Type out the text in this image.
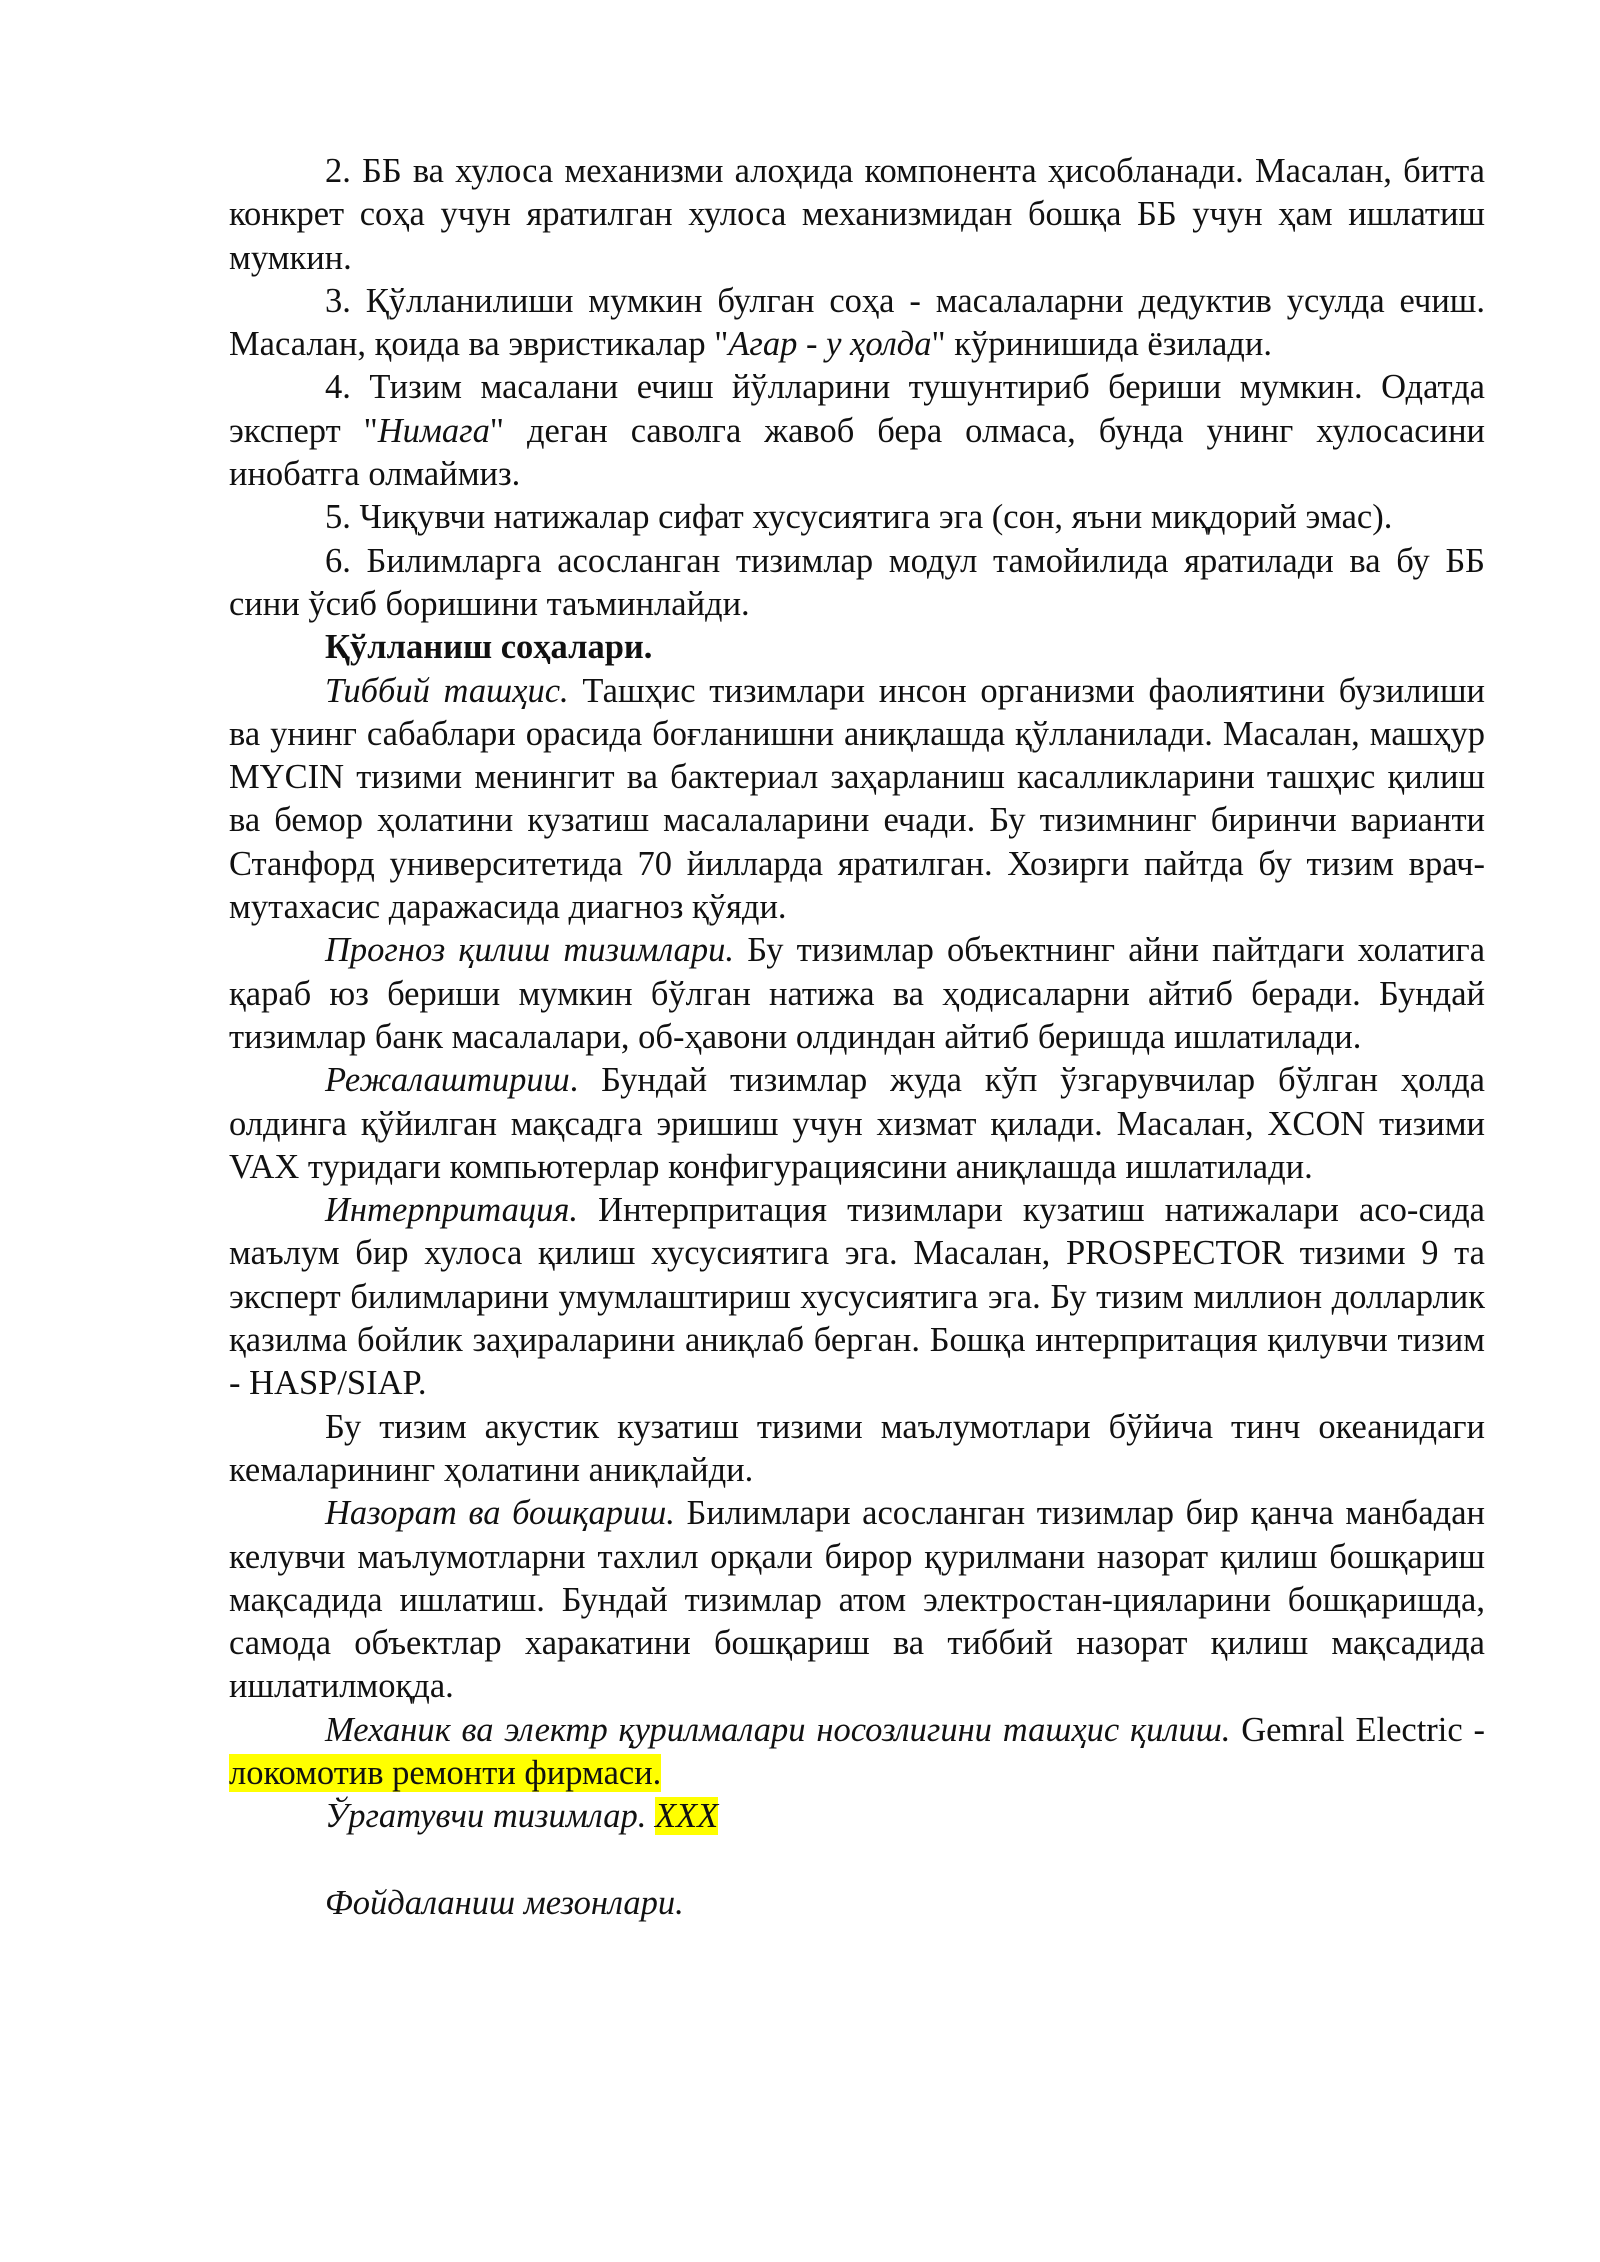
2. ББ ва хулоса механизми алоҳида компонента ҳисобланади. Масалан, битта конкрет соҳа учун яратилган хулоса механизмидан бошқа ББ учун ҳам ишлатиш мумкин.

3. Қўлланилиши мумкин булган соҳа - масалаларни дедуктив усулда ечиш. Масалан, қоида ва эвристикалар "Агар - у ҳолда" кўринишида ёзилади.

4. Тизим масалани ечиш йўлларини тушунтириб бериши мумкин. Одатда эксперт "Нимага" деган саволга жавоб бера олмаса, бунда унинг хулосасини инобатга олмаймиз.

5. Чиқувчи натижалар сифат хусусиятига эга (сон, яъни миқдорий эмас).

6. Билимларга асосланган тизимлар модул тамойилида яратилади ва бу ББ сини ўсиб боришини таъминлайди.

Қўлланиш соҳалари.

Тиббий ташҳис. Ташҳис тизимлари инсон организми фаолиятини бузилиши ва унинг сабаблари орасида боғланишни аниқлашда қўлланилади. Масалан, машҳур MYCIN тизими менингит ва бактериал заҳарланиш касалликларини ташҳис қилиш ва бемор ҳолатини кузатиш масалаларини ечади. Бу тизимнинг биринчи варианти Станфорд университетида 70 йилларда яратилган. Хозирги пайтда бу тизим врач-мутахасис даражасида диагноз қўяди.

Прогноз қилиш тизимлари. Бу тизимлар объектнинг айни пайтдаги холатига қараб юз бериши мумкин бўлган натижа ва ҳодисаларни айтиб беради. Бундай тизимлар банк масалалари, об-ҳавони олдиндан айтиб беришда ишлатилади.

Режалаштириш. Бундай тизимлар жуда кўп ўзгарувчилар бўлган ҳолда олдинга қўйилган мақсадга эришиш учун хизмат қилади. Масалан, XCON тизими VAX туридаги компьютерлар конфигурациясини аниқлашда ишлатилади.

Интерпритация. Интерпритация тизимлари кузатиш натижалари асо-сида маълум бир хулоса қилиш хусусиятига эга. Масалан, PROSPECTOR тизими 9 та эксперт билимларини умумлаштириш хусусиятига эга. Бу тизим миллион долларлик қазилма бойлик заҳираларини аниқлаб берган. Бошқа интерпритация қилувчи тизим - HASP/SIAP.

Бу тизим акустик кузатиш тизими маълумотлари бўйича тинч океанидаги кемаларининг ҳолатини аниқлайди.

Назорат ва бошқариш. Билимлари асосланган тизимлар бир қанча манбадан келувчи маълумотларни тахлил орқали бирор қурилмани назорат қилиш бошқариш мақсадида ишлатиш. Бундай тизимлар атом электростан-цияларини бошқаришда, самода объектлар харакатини бошқариш ва тиббий назорат қилиш мақсадида ишлатилмоқда.

Механик ва электр қурилмалари носозлигини ташҳис қилиш. Gemral Electric - локомотив ремонти фирмаси.

Ўргатувчи тизимлар. ХХХ

Фойдаланиш мезонлари.
